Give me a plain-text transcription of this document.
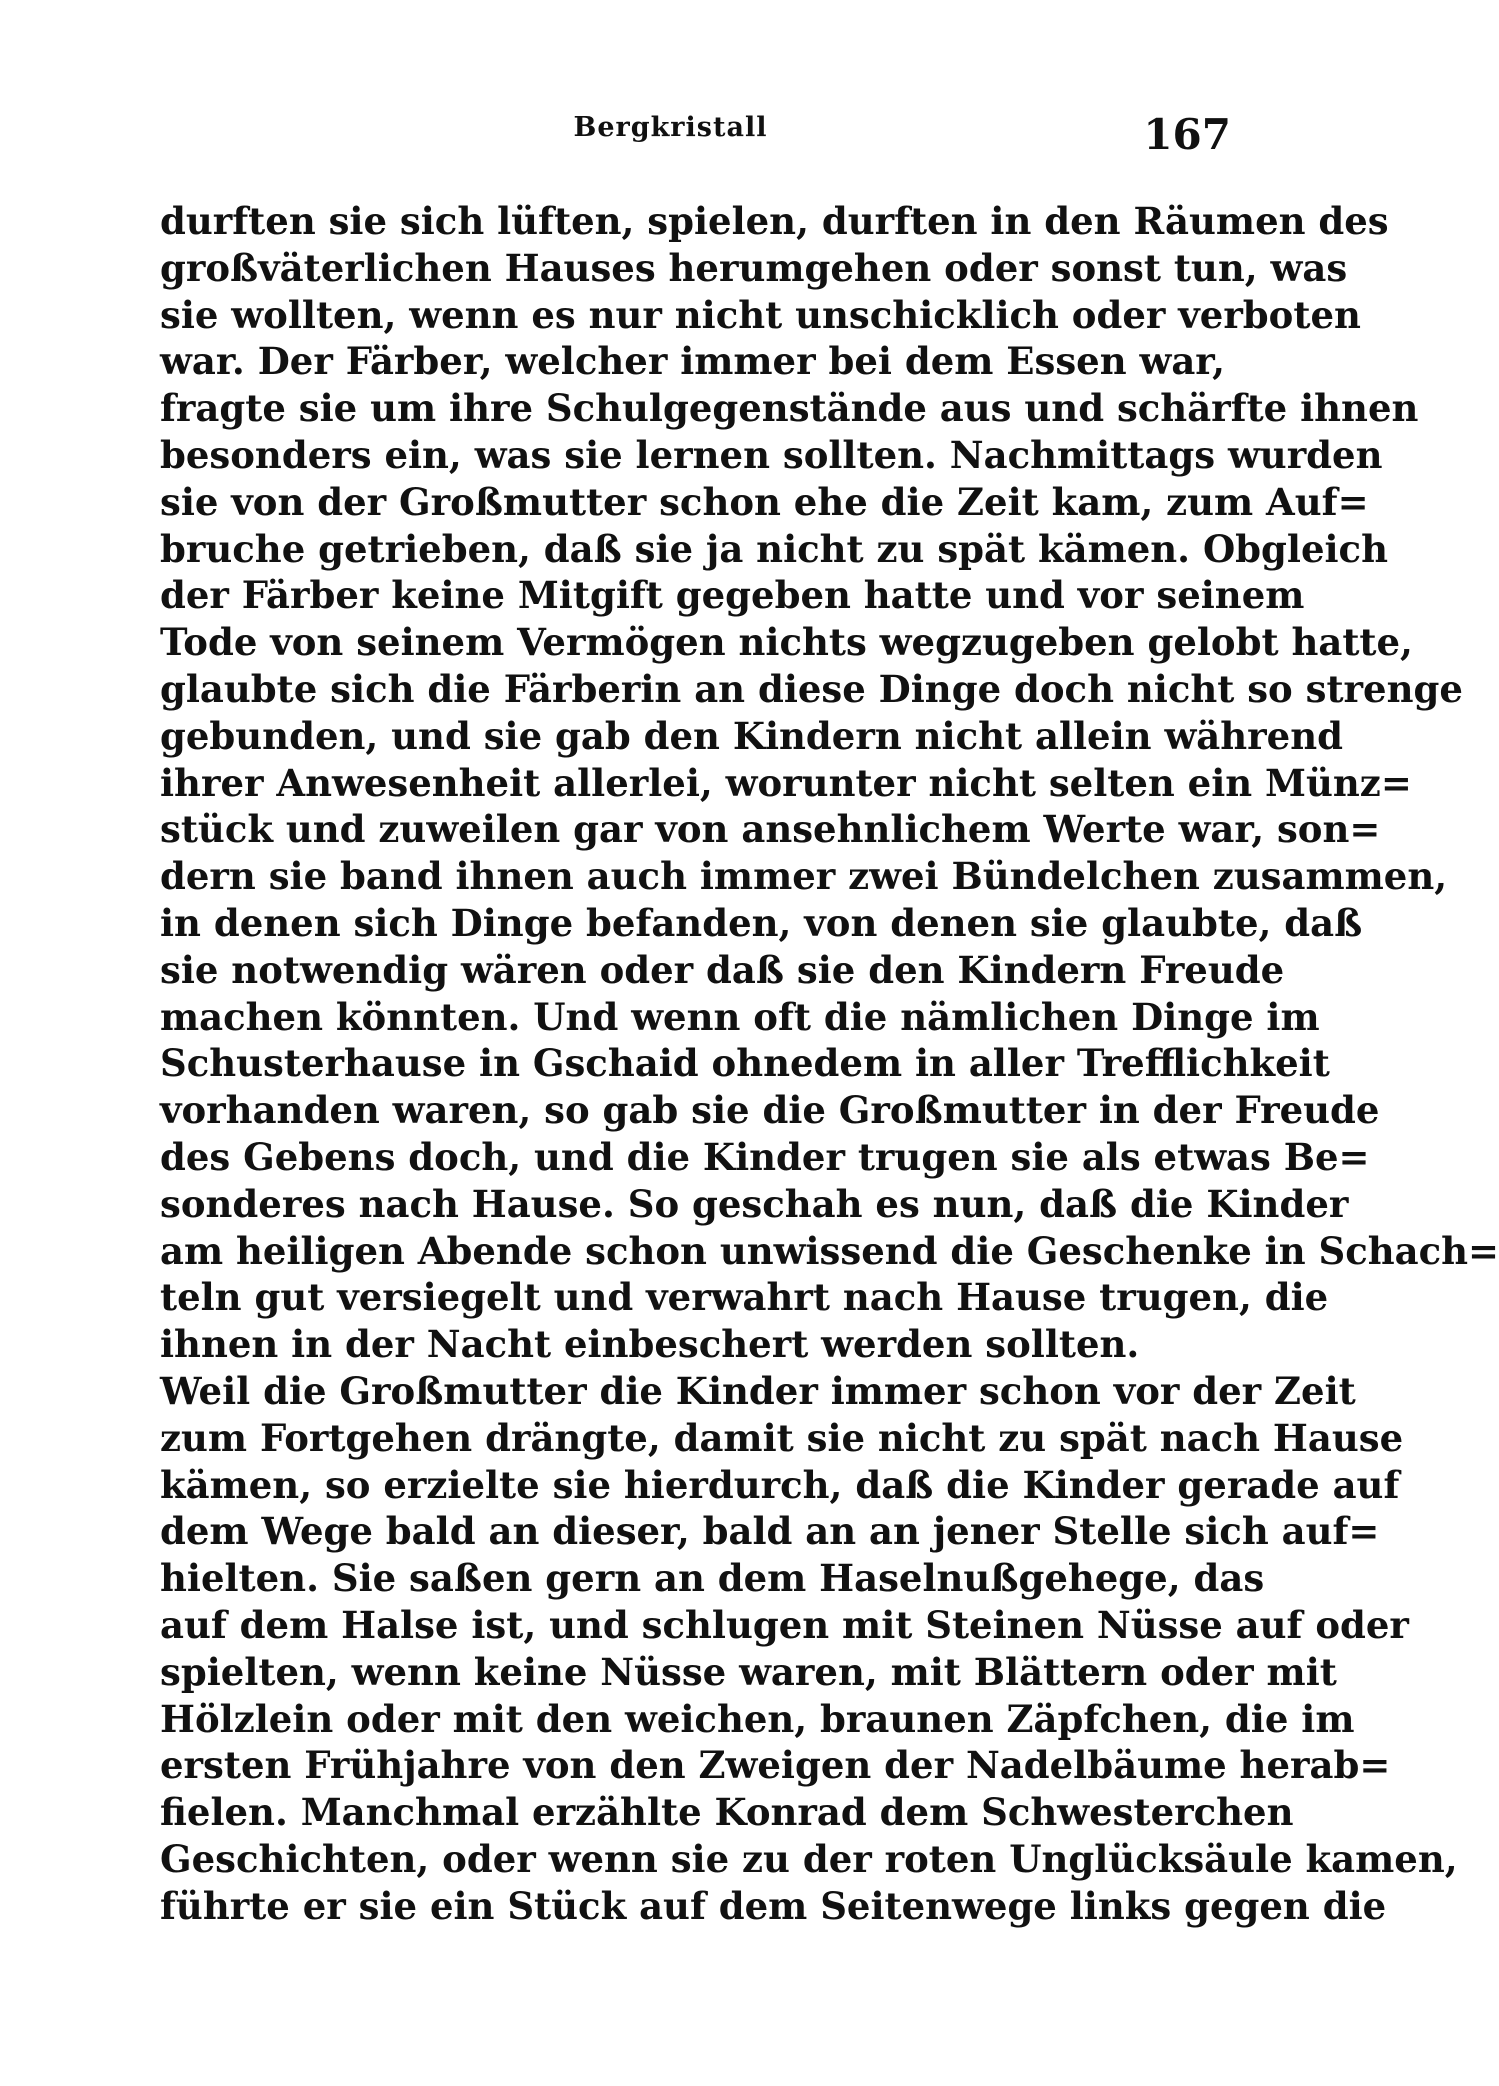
Bergkristall	167
durften sie sich lüften, spielen, durften in den Räumen des
großväterlichen Hauses herumgehen oder sonst tun, was
sie wollten, wenn es nur nicht unschicklich oder verboten
war. Der Färber, welcher immer bei dem Essen war,
fragte sie um ihre Schulgegenstände aus und schärfte ihnen
besonders ein, was sie lernen sollten. Nachmittags wurden
sie von der Großmutter schon ehe die Zeit kam, zum Auf=
bruche getrieben, daß sie ja nicht zu spät kämen. Obgleich
der Färber keine Mitgift gegeben hatte und vor seinem
Tode von seinem Vermögen nichts wegzugeben gelobt hatte,
glaubte sich die Färberin an diese Dinge doch nicht so strenge
gebunden, und sie gab den Kindern nicht allein während
ihrer Anwesenheit allerlei, worunter nicht selten ein Münz=
stück und zuweilen gar von ansehnlichem Werte war, son=
dern sie band ihnen auch immer zwei Bündelchen zusammen,
in denen sich Dinge befanden, von denen sie glaubte, daß
sie notwendig wären oder daß sie den Kindern Freude
machen könnten. Und wenn oft die nämlichen Dinge im
Schusterhause in Gschaid ohnedem in aller Trefflichkeit
vorhanden waren, so gab sie die Großmutter in der Freude
des Gebens doch, und die Kinder trugen sie als etwas Be=
sonderes nach Hause. So geschah es nun, daß die Kinder
am heiligen Abende schon unwissend die Geschenke in Schach=
teln gut versiegelt und verwahrt nach Hause trugen, die
ihnen in der Nacht einbeschert werden sollten.
Weil die Großmutter die Kinder immer schon vor der Zeit
zum Fortgehen drängte, damit sie nicht zu spät nach Hause
kämen, so erzielte sie hierdurch, daß die Kinder gerade auf
dem Wege bald an dieser, bald an an jener Stelle sich auf=
hielten. Sie saßen gern an dem Haselnußgehege, das
auf dem Halse ist, und schlugen mit Steinen Nüsse auf oder
spielten, wenn keine Nüsse waren, mit Blättern oder mit
Hölzlein oder mit den weichen, braunen Zäpfchen, die im
ersten Frühjahre von den Zweigen der Nadelbäume herab=
fielen. Manchmal erzählte Konrad dem Schwesterchen
Geschichten, oder wenn sie zu der roten Unglücksäule kamen,
führte er sie ein Stück auf dem Seitenwege links gegen die
